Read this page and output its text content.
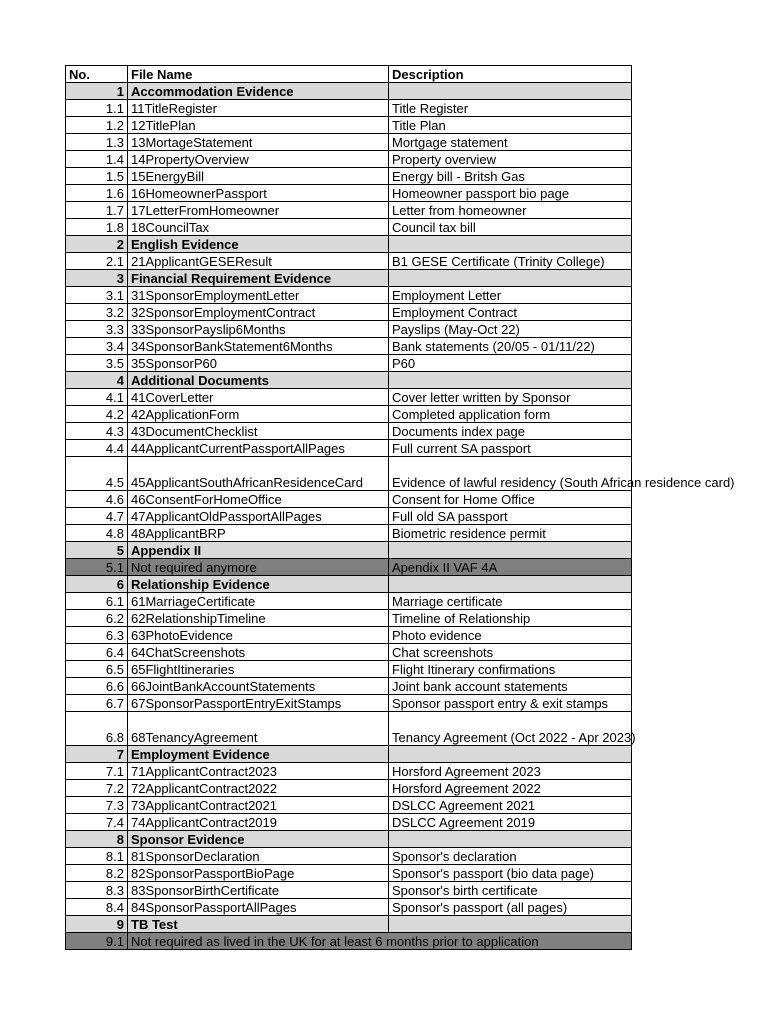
No.	File Name	Description
1	Accommodation Evidence	
1.1	11TitleRegister	Title Register
1.2	12TitlePlan	Title Plan
1.3	13MortageStatement	Mortgage statement
1.4	14PropertyOverview	Property overview
1.5	15EnergyBill	Energy bill - Britsh Gas
1.6	16HomeownerPassport	Homeowner passport bio page
1.7	17LetterFromHomeowner	Letter from homeowner
1.8	18CouncilTax	Council tax bill
2	English Evidence	
2.1	21ApplicantGESEResult	B1 GESE Certificate (Trinity College)
3	Financial Requirement Evidence	
3.1	31SponsorEmploymentLetter	Employment Letter
3.2	32SponsorEmploymentContract	Employment Contract
3.3	33SponsorPayslip6Months	Payslips (May-Oct 22)
3.4	34SponsorBankStatement6Months	Bank statements (20/05 - 01/11/22)
3.5	35SponsorP60	P60
4	Additional Documents	
4.1	41CoverLetter	Cover letter written by Sponsor
4.2	42ApplicationForm	Completed application form
4.3	43DocumentChecklist	Documents index page
4.4	44ApplicantCurrentPassportAllPages	Full current SA passport
4.5	45ApplicantSouthAfricanResidenceCard	Evidence of lawful residency (South African residence card)
4.6	46ConsentForHomeOffice	Consent for Home Office
4.7	47ApplicantOldPassportAllPages	Full old SA passport
4.8	48ApplicantBRP	Biometric residence permit
5	Appendix II	
5.1	Not required anymore	Apendix II VAF 4A
6	Relationship Evidence	
6.1	61MarriageCertificate	Marriage certificate
6.2	62RelationshipTimeline	Timeline of Relationship
6.3	63PhotoEvidence	Photo evidence
6.4	64ChatScreenshots	Chat screenshots
6.5	65FlightItineraries	Flight Itinerary confirmations
6.6	66JointBankAccountStatements	Joint bank account statements
6.7	67SponsorPassportEntryExitStamps	Sponsor passport entry & exit stamps
6.8	68TenancyAgreement	Tenancy Agreement (Oct 2022 - Apr 2023)
7	Employment Evidence	
7.1	71ApplicantContract2023	Horsford Agreement 2023
7.2	72ApplicantContract2022	Horsford Agreement 2022
7.3	73ApplicantContract2021	DSLCC Agreement 2021
7.4	74ApplicantContract2019	DSLCC Agreement 2019
8	Sponsor Evidence	
8.1	81SponsorDeclaration	Sponsor's declaration
8.2	82SponsorPassportBioPage	Sponsor's passport (bio data page)
8.3	83SponsorBirthCertificate	Sponsor's birth certificate
8.4	84SponsorPassportAllPages	Sponsor's passport (all pages)
9	TB Test	
9.1	Not required as lived in the UK for at least 6 months prior to application	
